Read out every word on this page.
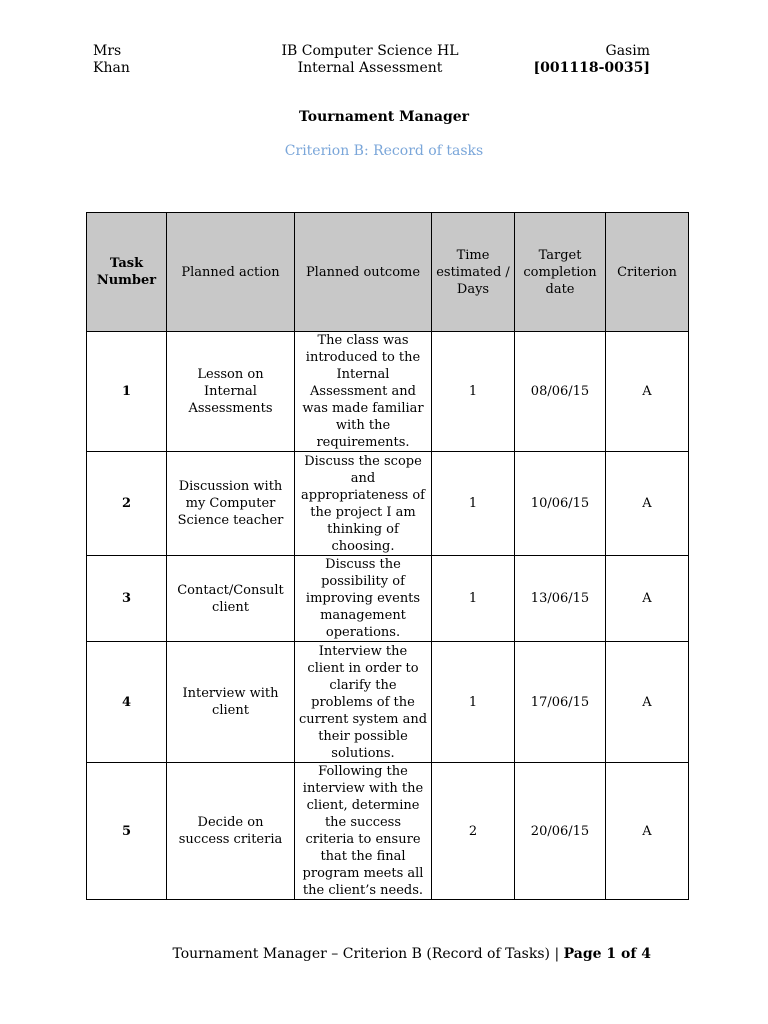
Mrs
Khan
IB Computer Science HL
Internal Assessment
Gasim
[001118-0035]
Tournament Manager
Criterion B: Record of tasks
Task Number	Planned action	Planned outcome	Time estimated / Days	Target completion date	Criterion
1	Lesson on Internal Assessments	The class was introduced to the Internal Assessment and was made familiar with the requirements.	1	08/06/15	A
2	Discussion with my Computer Science teacher	Discuss the scope and appropriateness of the project I am thinking of choosing.	1	10/06/15	A
3	Contact/Consult client	Discuss the possibility of improving events management operations.	1	13/06/15	A
4	Interview with client	Interview the client in order to clarify the problems of the current system and their possible solutions.	1	17/06/15	A
5	Decide on success criteria	Following the interview with the client, determine the success criteria to ensure that the final program meets all the client’s needs.	2	20/06/15	A
Tournament Manager – Criterion B (Record of Tasks) | Page 1 of 4
